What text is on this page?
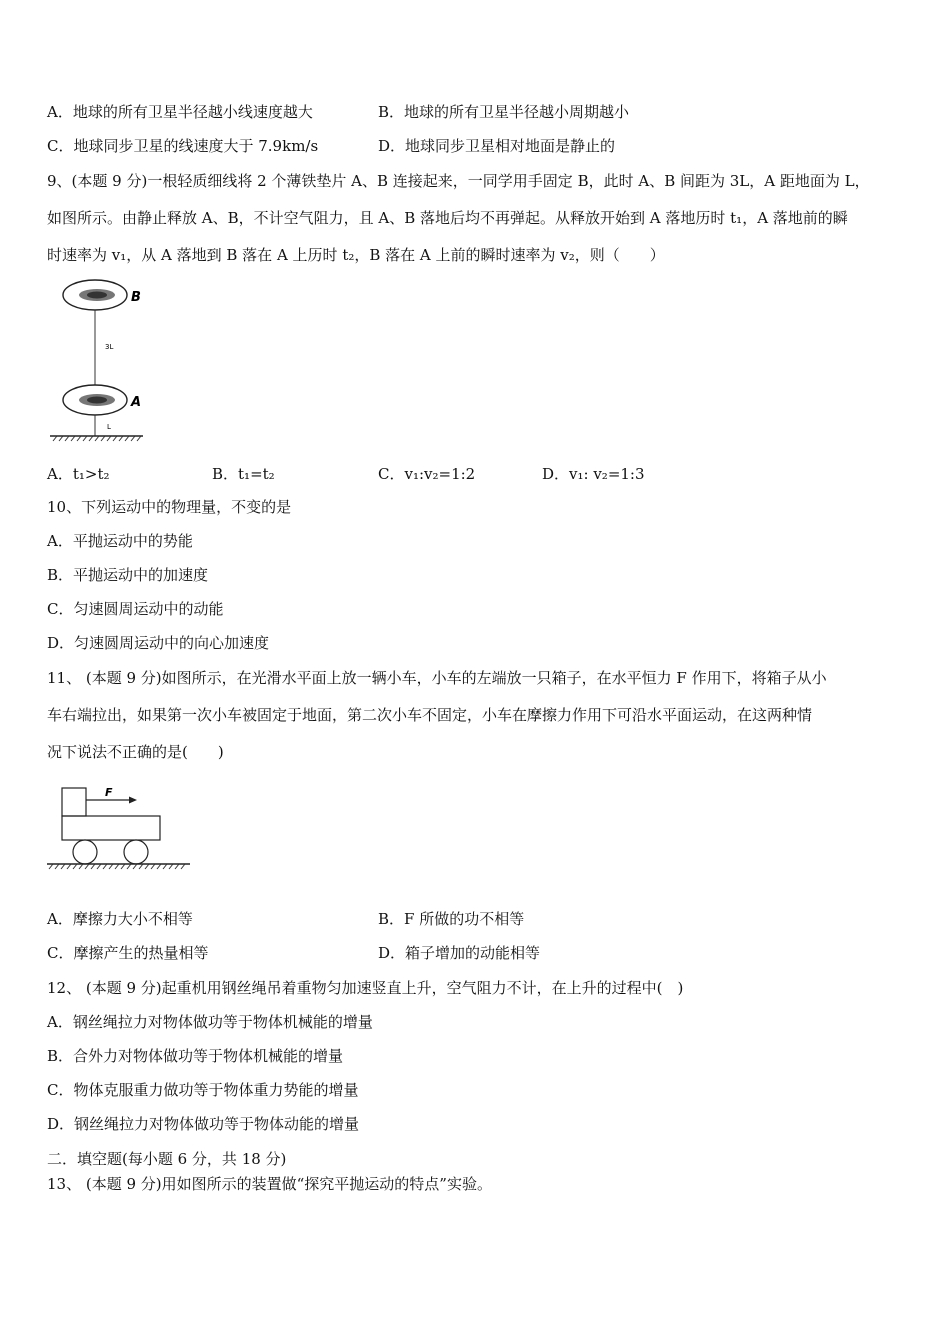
A．地球的所有卫星半径越小线速度越大	B．地球的所有卫星半径越小周期越小
C．地球同步卫星的线速度大于 7.9km/s	D．地球同步卫星相对地面是静止的
9、(本题 9 分)一根轻质细线将 2 个薄铁垫片 A、B 连接起来，一同学用手固定 B，此时 A、B 间距为 3L，A 距地面为 L，
如图所示。由静止释放 A、B，不计空气阻力，且 A、B 落地后均不再弹起。从释放开始到 A 落地历时 t₁，A 落地前的瞬
时速率为 v₁，从 A 落地到 B 落在 A 上历时 t₂，B 落在 A 上前的瞬时速率为 v₂，则（　　）
B
3L
A
L
A．t₁>t₂	B．t₁=t₂	C．v₁:v₂=1:2	D．v₁: v₂=1:3
10、下列运动中的物理量，不变的是
A．平抛运动中的势能
B．平抛运动中的加速度
C．匀速圆周运动中的动能
D．匀速圆周运动中的向心加速度
11、 (本题 9 分)如图所示，在光滑水平面上放一辆小车，小车的左端放一只箱子，在水平恒力 F 作用下，将箱子从小
车右端拉出，如果第一次小车被固定于地面，第二次小车不固定，小车在摩擦力作用下可沿水平面运动，在这两种情
况下说法不正确的是(　　)
F
A．摩擦力大小不相等	B．F 所做的功不相等
C．摩擦产生的热量相等	D．箱子增加的动能相等
12、 (本题 9 分)起重机用钢丝绳吊着重物匀加速竖直上升，空气阻力不计，在上升的过程中(　)
A．钢丝绳拉力对物体做功等于物体机械能的增量
B．合外力对物体做功等于物体机械能的增量
C．物体克服重力做功等于物体重力势能的增量
D．钢丝绳拉力对物体做功等于物体动能的增量
二．填空题(每小题 6 分，共 18 分)
13、 (本题 9 分)用如图所示的装置做“探究平抛运动的特点”实验。
